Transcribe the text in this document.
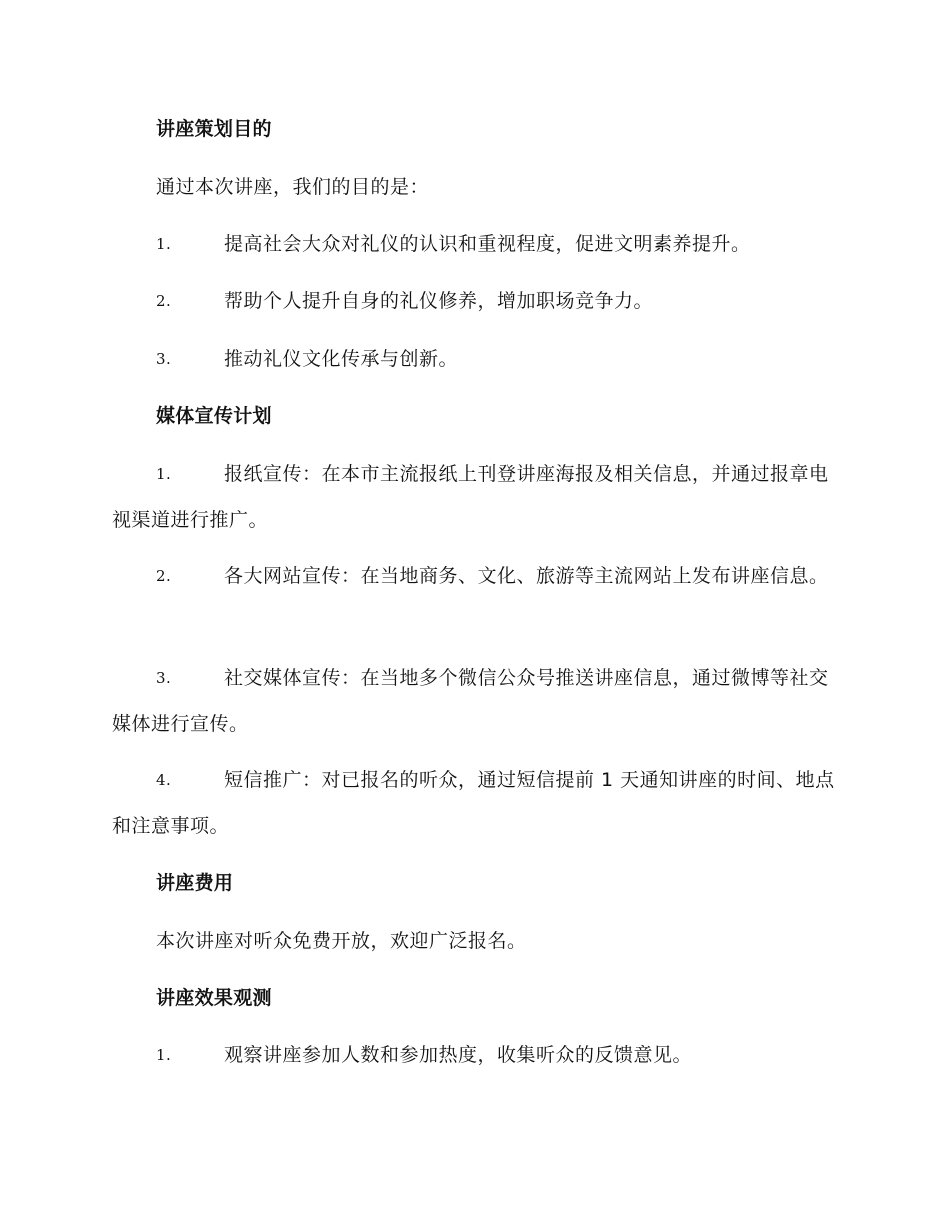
讲座策划目的
通过本次讲座，我们的目的是：
1.	提高社会大众对礼仪的认识和重视程度，促进文明素养提升。
2.	帮助个人提升自身的礼仪修养，增加职场竞争力。
3.	推动礼仪文化传承与创新。
媒体宣传计划
1.	报纸宣传：在本市主流报纸上刊登讲座海报及相关信息，并通过报章电视渠道进行推广。
2.	各大网站宣传：在当地商务、文化、旅游等主流网站上发布讲座信息。
3.	社交媒体宣传：在当地多个微信公众号推送讲座信息，通过微博等社交媒体进行宣传。
4.	短信推广：对已报名的听众，通过短信提前 1 天通知讲座的时间、地点和注意事项。
讲座费用
本次讲座对听众免费开放，欢迎广泛报名。
讲座效果观测
1.	观察讲座参加人数和参加热度，收集听众的反馈意见。
